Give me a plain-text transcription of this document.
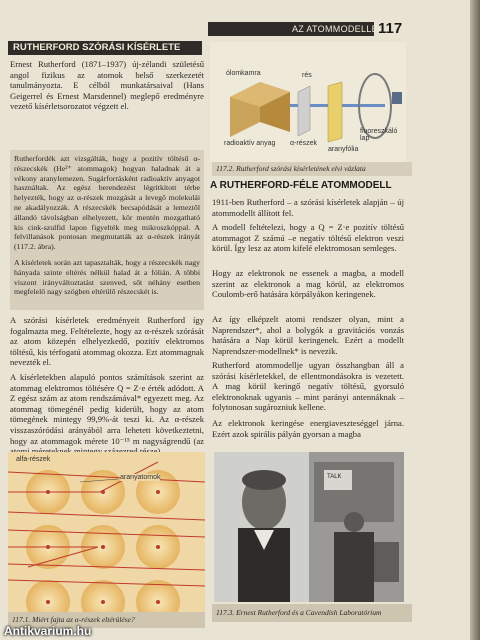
AZ ATOMMODELLEK
117
RUTHERFORD SZÓRÁSI KÍSÉRLETE

Ernest Rutherford (1871–1937) új-zélandi születésű angol fizikus az atomok belső szerkezetét tanulmányozta. E célból munkatársaival (Hans Geigerrel és Ernest Marsdennel) meglepő eredményre vezető kísérletsorozatot végzett el.

Rutherfordék azt vizsgálták, hogy a pozitív töltésű α-részecskék (He²⁺ atommagok) hogyan haladnak át a vékony aranylemezen. Sugárforrásként radioaktív anyagot használtak. Az egész berendezést légritkított térbe helyezték, hogy az α-részek mozgását a levegő molekulái ne akadályozzák. A részecskék becsapódását a lemeztől állandó távolságban elhelyezett, kör mentén mozgatható kis cink-szulfid lapon figyelték meg mikroszkóppal. A felvillanások pontosan megmutatták az α-részek irányát (117.2. ábra).

A kísérletek során azt tapasztalták, hogy a részecskék nagy hányada szinte eltérés nélkül halad át a fólián. A többi viszont irányváltoztatást szenved, sőt néhány esetben megfelelő nagy szögben eltérülő részecskét is.

A szórási kísérletek eredményeit Rutherford így fogalmazta meg. Feltételezte, hogy az α-részek szórását az atom közepén elhelyezkedő, pozitív elektromos töltésű, kis térfogatú atommag okozza. Ezt atommagnak nevezték el.

A kísérletekben alapuló pontos számítások szerint az atommag elektromos töltésére Q = Z·e érték adódott. A Z egész szám az atom rendszámával* egyezett meg. Az atommag tömegénél pedig kiderült, hogy az atom tömegének mintegy 99,9%-át teszi ki. Az α-részek visszaszóródási arányából arra lehetett következtetni, hogy az atommagok mérete 10⁻¹⁵ m nagyságrendű (az

ólomkamra	rés
radioaktív anyag α-részek
aranyfólia
fluoreszkáló lap
117.2. Rutherford szórási kísérletének elvi vázlata
A RUTHERFORD-FÉLE ATOMMODELL

1911-ben Rutherford – a szórási kísérletek alapján – új atommodellt állított fel.

A modell feltételezi, hogy a Q = Z·e pozitív töltésű atommagot Z számú –e negatív töltésű elektron veszi körül. Így lesz az atom kifelé elektromosan semleges.

Hogy az elektronok ne essenek a magba, a modell szerint az elektronok a mag körül, az elektromos Coulomb-erő hatására körpályákon keringenek.

Az így elképzelt atomi rendszer olyan, mint a Naprendszer*, ahol a bolygók a gravitációs vonzás hatására a Nap körül keringenek. Ezért a modellt Naprendszer-modellnek* is nevezik.

Rutherford atommodellje ugyan összhangban áll a szórási kísérletekkel, de ellentmondásokra is vezetett. A mag körül keringő negatív töltésű, gyorsuló elektronoknak ugyanis – mint parányi antennáknak – folytonosan sugározniuk kellene.

Az elektronok keringése energiaveszteséggel járna. Ezért azok spirális pályán gyorsan a magba

alfa-részek
aranyatomok
117.1. Miért fajta az α-részek eltérülése?
TALK
117.3. Ernest Rutherford és a Cavendish Laboratórium
Antikvarium.hu
